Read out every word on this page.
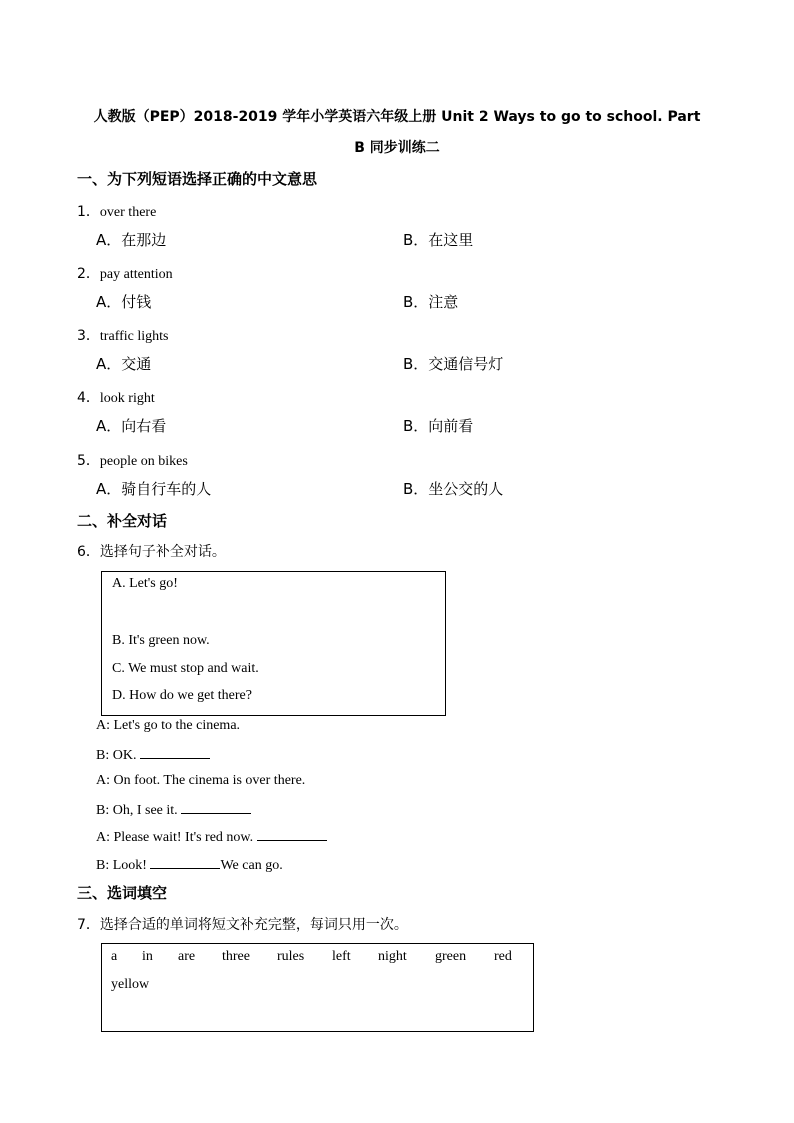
人教版（PEP）2018-2019 学年小学英语六年级上册 Unit 2 Ways to go to school. Part
B 同步训练二
一、为下列短语选择正确的中文意思
1．over there
A．在那边	B．在这里
2．pay attention
A．付钱	B．注意
3．traffic lights
A．交通	B．交通信号灯
4．look right
A．向右看	B．向前看
5．people on bikes
A．骑自行车的人	B．坐公交的人
二、补全对话
6．选择句子补全对话。
A. Let's go!
B. It's green now.
C. We must stop and wait.
D. How do we get there?
A: Let's go to the cinema.
B: OK.
A: On foot. The cinema is over there.
B: Oh, I see it.
A: Please wait! It's red now.
B: Look!	We can go.
三、选词填空
7．选择合适的单词将短文补充完整，每词只用一次。
a in are three rules left night green red
yellow
